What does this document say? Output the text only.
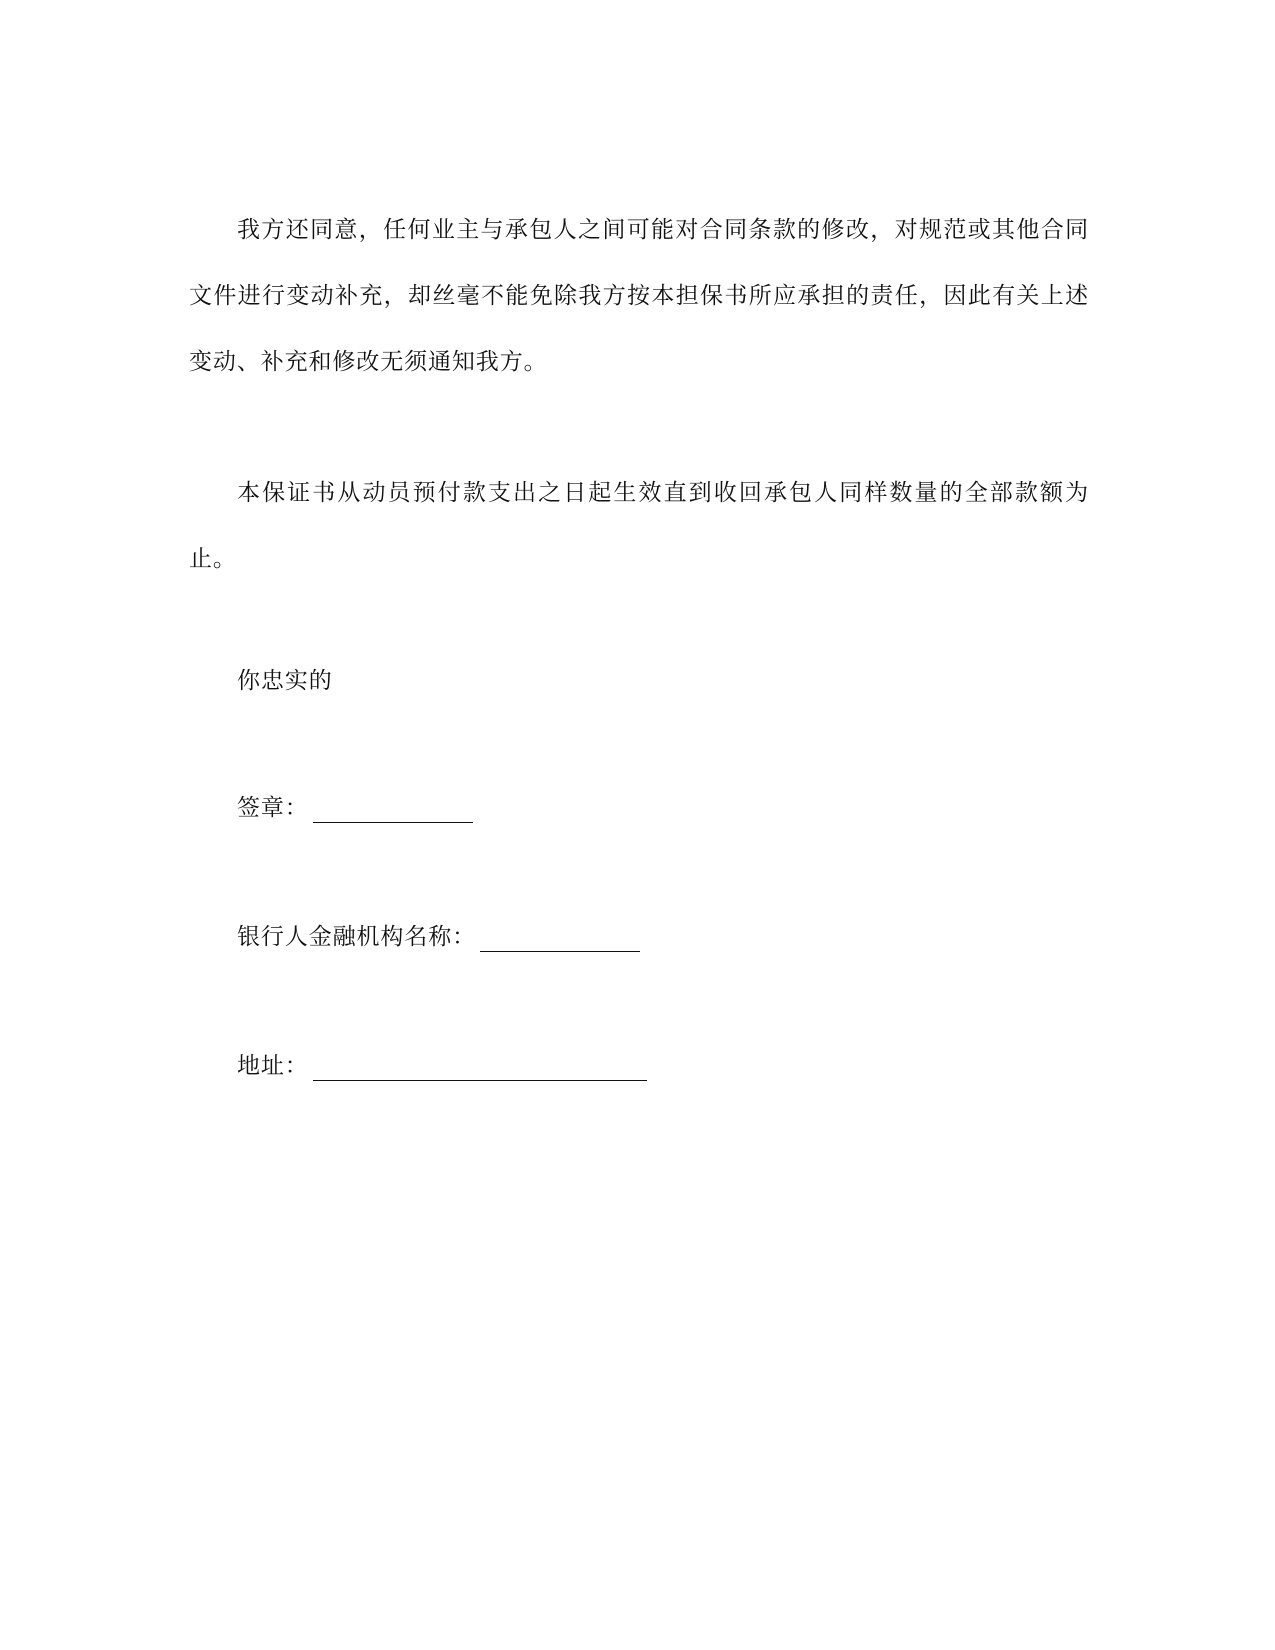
我方还同意，任何业主与承包人之间可能对合同条款的修改，对规范或其他合同文件进行变动补充，却丝毫不能免除我方按本担保书所应承担的责任，因此有关上述变动、补充和修改无须通知我方。

本保证书从动员预付款支出之日起生效直到收回承包人同样数量的全部款额为止。

你忠实的
签章：
银行人金融机构名称：
地址：
